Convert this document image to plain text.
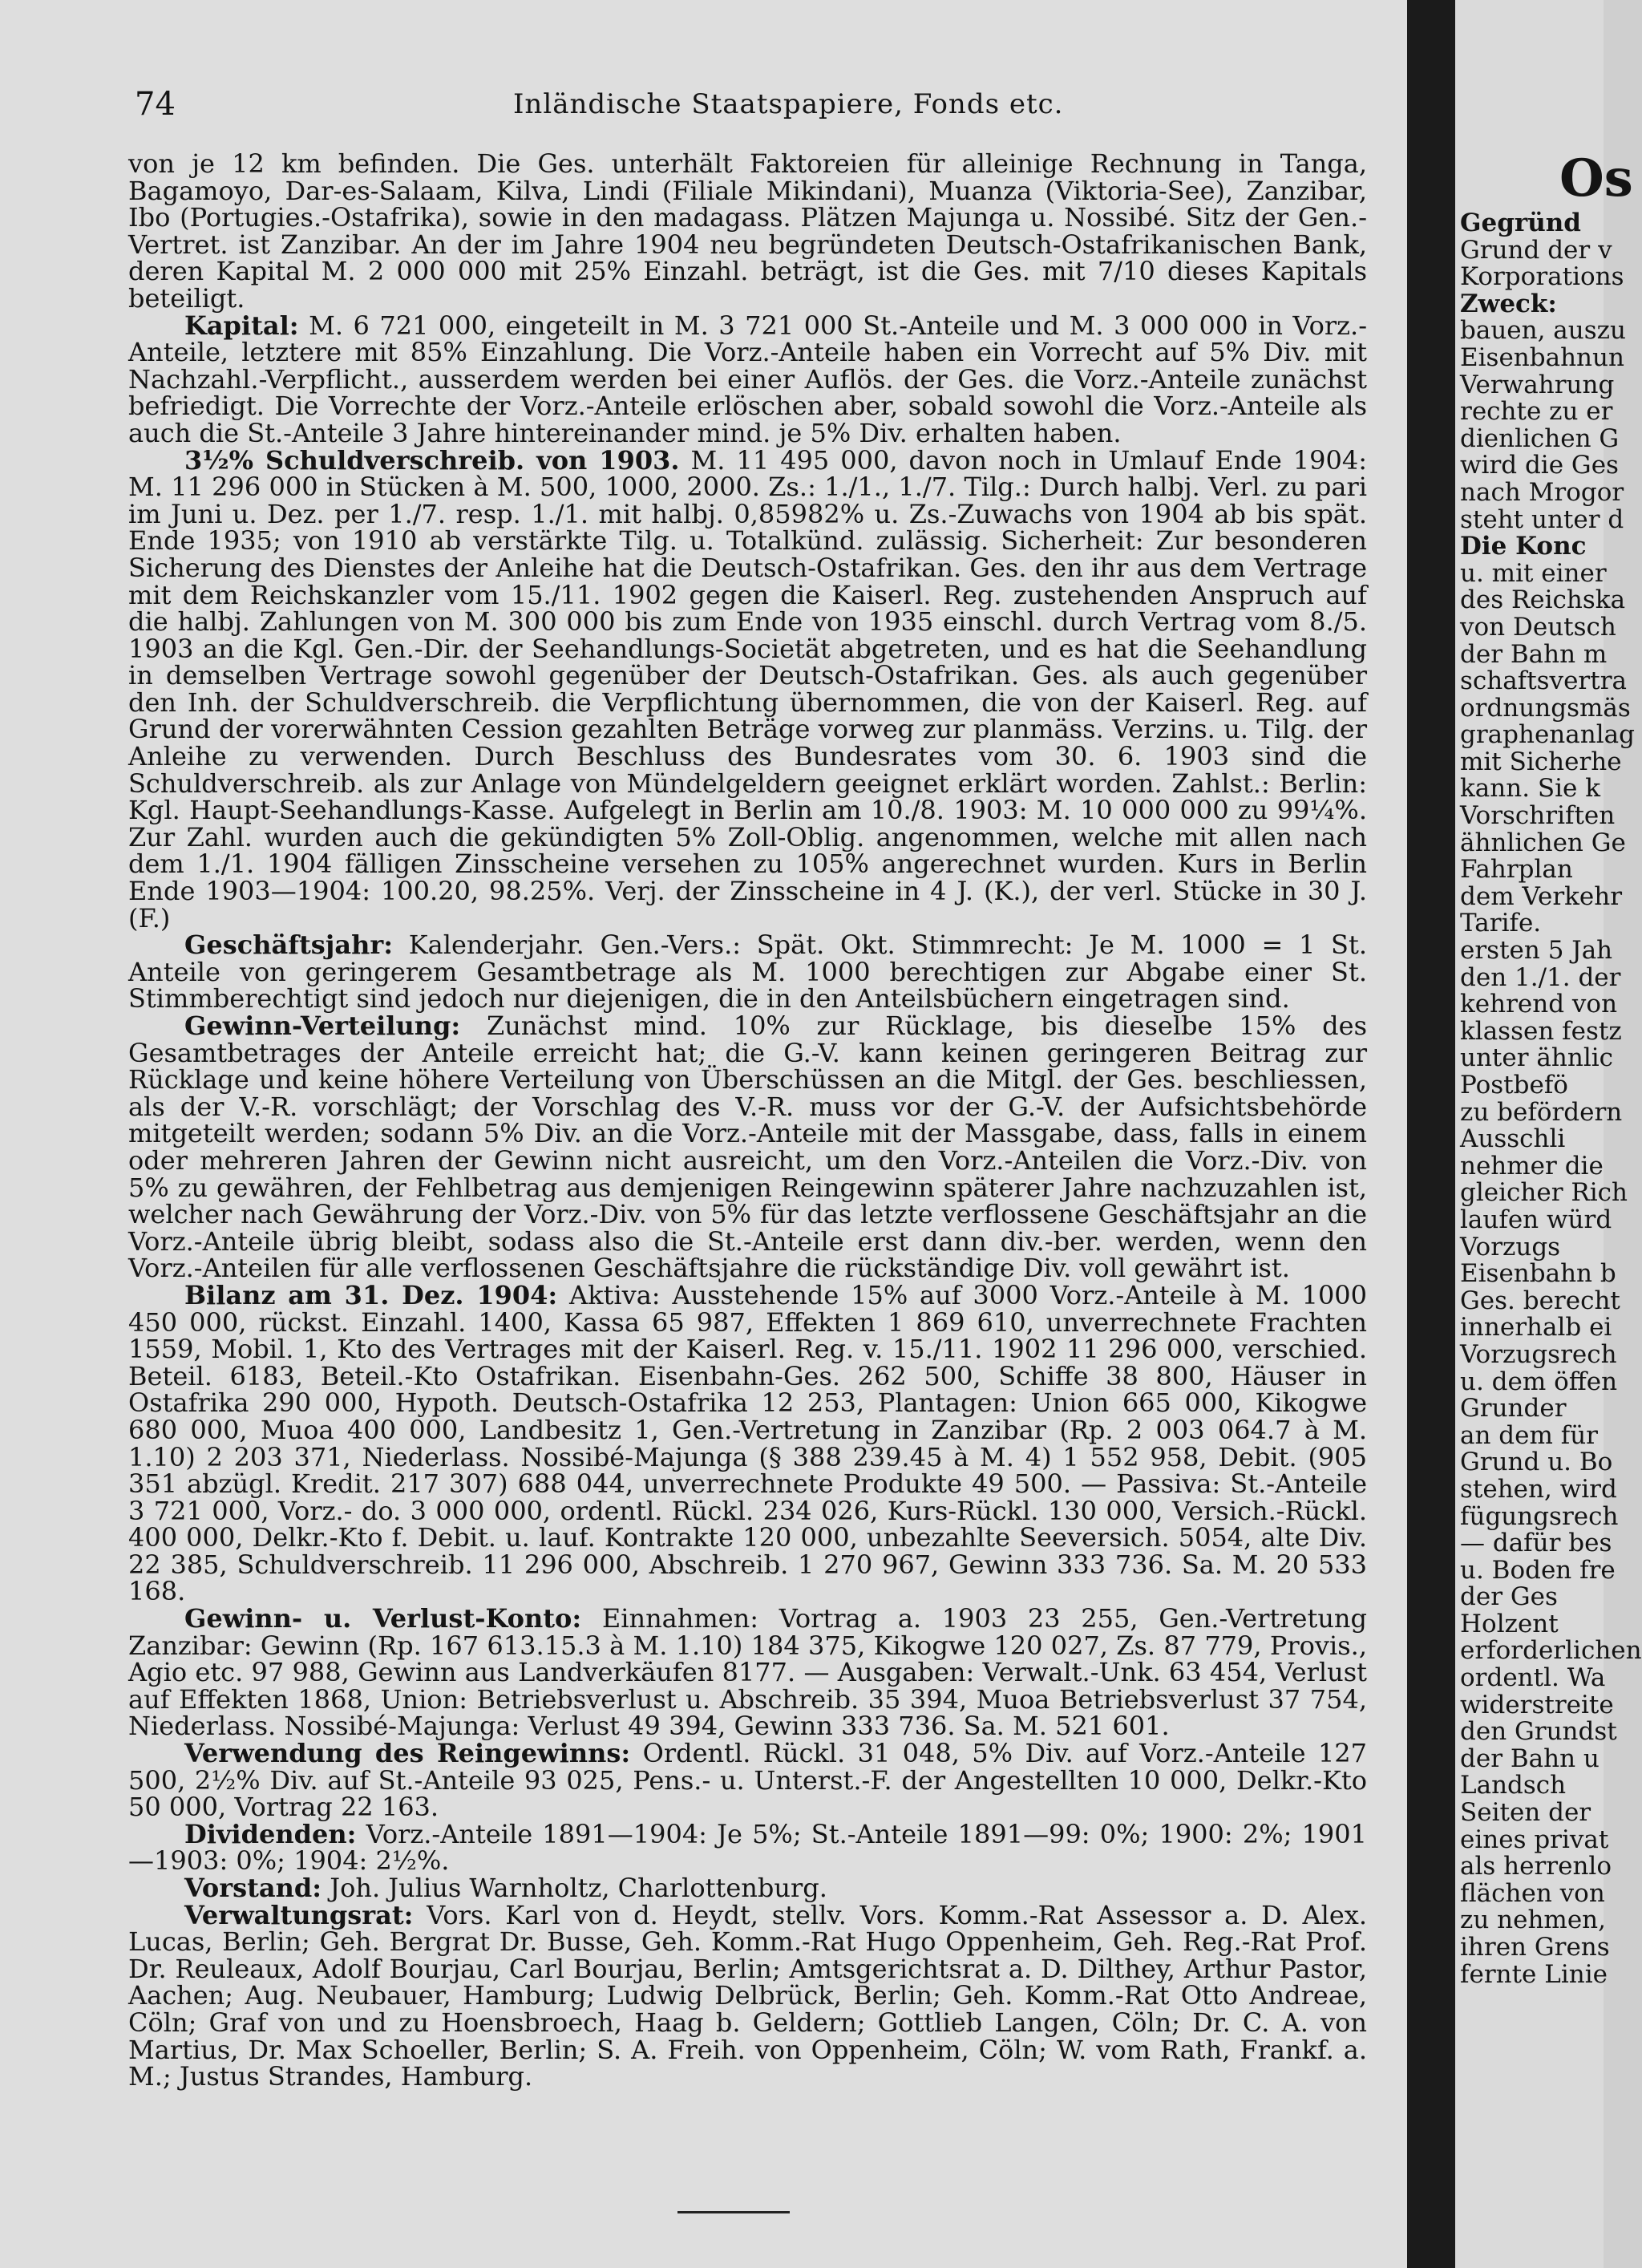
74	Inländische Staatspapiere, Fonds etc.

von je 12 km befinden. Die Ges. unterhält Faktoreien für alleinige Rechnung in Tanga, Bagamoyo, Dar-es-Salaam, Kilva, Lindi (Filiale Mikindani), Muanza (Viktoria-See), Zanzibar, Ibo (Portugies.-Ostafrika), sowie in den madagass. Plätzen Majunga u. Nossibé. Sitz der Gen.-Vertret. ist Zanzibar. An der im Jahre 1904 neu begründeten Deutsch-Ostafrikanischen Bank, deren Kapital M. 2 000 000 mit 25% Einzahl. beträgt, ist die Ges. mit 7/10 dieses Kapitals beteiligt.

Kapital: M. 6 721 000, eingeteilt in M. 3 721 000 St.-Anteile und M. 3 000 000 in Vorz.-Anteile, letztere mit 85% Einzahlung. Die Vorz.-Anteile haben ein Vorrecht auf 5% Div. mit Nachzahl.-Verpflicht., ausserdem werden bei einer Auflös. der Ges. die Vorz.-Anteile zunächst befriedigt. Die Vorrechte der Vorz.-Anteile erlöschen aber, sobald sowohl die Vorz.-Anteile als auch die St.-Anteile 3 Jahre hintereinander mind. je 5% Div. erhalten haben.

3½% Schuldverschreib. von 1903. M. 11 495 000, davon noch in Umlauf Ende 1904: M. 11 296 000 in Stücken à M. 500, 1000, 2000. Zs.: 1./1., 1./7. Tilg.: Durch halbj. Verl. zu pari im Juni u. Dez. per 1./7. resp. 1./1. mit halbj. 0,85982% u. Zs.-Zuwachs von 1904 ab bis spät. Ende 1935; von 1910 ab verstärkte Tilg. u. Totalkünd. zulässig. Sicherheit: Zur besonderen Sicherung des Dienstes der Anleihe hat die Deutsch-Ostafrikan. Ges. den ihr aus dem Vertrage mit dem Reichskanzler vom 15./11. 1902 gegen die Kaiserl. Reg. zustehenden Anspruch auf die halbj. Zahlungen von M. 300 000 bis zum Ende von 1935 einschl. durch Vertrag vom 8./5. 1903 an die Kgl. Gen.-Dir. der Seehandlungs-Societät abgetreten, und es hat die Seehandlung in demselben Vertrage sowohl gegenüber der Deutsch-Ostafrikan. Ges. als auch gegenüber den Inh. der Schuldverschreib. die Verpflichtung übernommen, die von der Kaiserl. Reg. auf Grund der vorerwähnten Cession gezahlten Beträge vorweg zur planmäss. Verzins. u. Tilg. der Anleihe zu verwenden. Durch Beschluss des Bundesrates vom 30. 6. 1903 sind die Schuldverschreib. als zur Anlage von Mündelgeldern geeignet erklärt worden. Zahlst.: Berlin: Kgl. Haupt-Seehandlungs-Kasse. Aufgelegt in Berlin am 10./8. 1903: M. 10 000 000 zu 99¼%. Zur Zahl. wurden auch die gekündigten 5% Zoll-Oblig. angenommen, welche mit allen nach dem 1./1. 1904 fälligen Zinsscheine versehen zu 105% angerechnet wurden. Kurs in Berlin Ende 1903—1904: 100.20, 98.25%. Verj. der Zinsscheine in 4 J. (K.), der verl. Stücke in 30 J. (F.)

Geschäftsjahr: Kalenderjahr. Gen.-Vers.: Spät. Okt. Stimmrecht: Je M. 1000 = 1 St. Anteile von geringerem Gesamtbetrage als M. 1000 berechtigen zur Abgabe einer St. Stimmberechtigt sind jedoch nur diejenigen, die in den Anteilsbüchern eingetragen sind.

Gewinn-Verteilung: Zunächst mind. 10% zur Rücklage, bis dieselbe 15% des Gesamtbetrages der Anteile erreicht hat; die G.-V. kann keinen geringeren Beitrag zur Rücklage und keine höhere Verteilung von Überschüssen an die Mitgl. der Ges. beschliessen, als der V.-R. vorschlägt; der Vorschlag des V.-R. muss vor der G.-V. der Aufsichtsbehörde mitgeteilt werden; sodann 5% Div. an die Vorz.-Anteile mit der Massgabe, dass, falls in einem oder mehreren Jahren der Gewinn nicht ausreicht, um den Vorz.-Anteilen die Vorz.-Div. von 5% zu gewähren, der Fehlbetrag aus demjenigen Reingewinn späterer Jahre nachzuzahlen ist, welcher nach Gewährung der Vorz.-Div. von 5% für das letzte verflossene Geschäftsjahr an die Vorz.-Anteile übrig bleibt, sodass also die St.-Anteile erst dann div.-ber. werden, wenn den Vorz.-Anteilen für alle verflossenen Geschäftsjahre die rückständige Div. voll gewährt ist.

Bilanz am 31. Dez. 1904: Aktiva: Ausstehende 15% auf 3000 Vorz.-Anteile à M. 1000 450 000, rückst. Einzahl. 1400, Kassa 65 987, Effekten 1 869 610, unverrechnete Frachten 1559, Mobil. 1, Kto des Vertrages mit der Kaiserl. Reg. v. 15./11. 1902 11 296 000, verschied. Beteil. 6183, Beteil.-Kto Ostafrikan. Eisenbahn-Ges. 262 500, Schiffe 38 800, Häuser in Ostafrika 290 000, Hypoth. Deutsch-Ostafrika 12 253, Plantagen: Union 665 000, Kikogwe 680 000, Muoa 400 000, Landbesitz 1, Gen.-Vertretung in Zanzibar (Rp. 2 003 064.7 à M. 1.10) 2 203 371, Niederlass. Nossibé-Majunga (§ 388 239.45 à M. 4) 1 552 958, Debit. (905 351 abzügl. Kredit. 217 307) 688 044, unverrechnete Produkte 49 500. — Passiva: St.-Anteile 3 721 000, Vorz.- do. 3 000 000, ordentl. Rückl. 234 026, Kurs-Rückl. 130 000, Versich.-Rückl. 400 000, Delkr.-Kto f. Debit. u. lauf. Kontrakte 120 000, unbezahlte Seeversich. 5054, alte Div. 22 385, Schuldverschreib. 11 296 000, Abschreib. 1 270 967, Gewinn 333 736. Sa. M. 20 533 168.

Gewinn- u. Verlust-Konto: Einnahmen: Vortrag a. 1903 23 255, Gen.-Vertretung Zanzibar: Gewinn (Rp. 167 613.15.3 à M. 1.10) 184 375, Kikogwe 120 027, Zs. 87 779, Provis., Agio etc. 97 988, Gewinn aus Landverkäufen 8177. — Ausgaben: Verwalt.-Unk. 63 454, Verlust auf Effekten 1868, Union: Betriebsverlust u. Abschreib. 35 394, Muoa Betriebsverlust 37 754, Niederlass. Nossibé-Majunga: Verlust 49 394, Gewinn 333 736. Sa. M. 521 601.

Verwendung des Reingewinns: Ordentl. Rückl. 31 048, 5% Div. auf Vorz.-Anteile 127 500, 2½% Div. auf St.-Anteile 93 025, Pens.- u. Unterst.-F. der Angestellten 10 000, Delkr.-Kto 50 000, Vortrag 22 163.

Dividenden: Vorz.-Anteile 1891—1904: Je 5%; St.-Anteile 1891—99: 0%; 1900: 2%; 1901—1903: 0%; 1904: 2½%.

Vorstand: Joh. Julius Warnholtz, Charlottenburg.

Verwaltungsrat: Vors. Karl von d. Heydt, stellv. Vors. Komm.-Rat Assessor a. D. Alex. Lucas, Berlin; Geh. Bergrat Dr. Busse, Geh. Komm.-Rat Hugo Oppenheim, Geh. Reg.-Rat Prof. Dr. Reuleaux, Adolf Bourjau, Carl Bourjau, Berlin; Amtsgerichtsrat a. D. Dilthey, Arthur Pastor, Aachen; Aug. Neubauer, Hamburg; Ludwig Delbrück, Berlin; Geh. Komm.-Rat Otto Andreae, Cöln; Graf von und zu Hoensbroech, Haag b. Geldern; Gottlieb Langen, Cöln; Dr. C. A. von Martius, Dr. Max Schoeller, Berlin; S. A. Freih. von Oppenheim, Cöln; W. vom Rath, Frankf. a. M.; Justus Strandes, Hamburg.

Os
Gegründ
Grund der v
Korporations
Zweck:
bauen, auszu
Eisenbahnun
Verwahrung
rechte zu er
dienlichen G
wird die Ges
nach Mrogor
steht unter d
Die Konc
u. mit einer
des Reichska
von Deutsch
der Bahn m
schaftsvertra
ordnungsmäs
graphenanlag
mit Sicherhe
kann. Sie k
Vorschriften
ähnlichen Ge
Fahrplan
dem Verkehr
Tarife.
ersten 5 Jah
den 1./1. der
kehrend von
klassen festz
unter ähnlic
Postbefö
zu befördern
Ausschli
nehmer die
gleicher Rich
laufen würd
Vorzugs
Eisenbahn b
Ges. berecht
innerhalb ei
Vorzugsrech
u. dem öffen
Grunder
an dem für
Grund u. Bo
stehen, wird
fügungsrech
— dafür bes
u. Boden fre
der Ges
Holzent
erforderlichen
ordentl. Wa
widerstreite
den Grundst
der Bahn u
Landsch
Seiten der
eines privat
als herrenlo
flächen von
zu nehmen,
ihren Grens
fernte Linie
